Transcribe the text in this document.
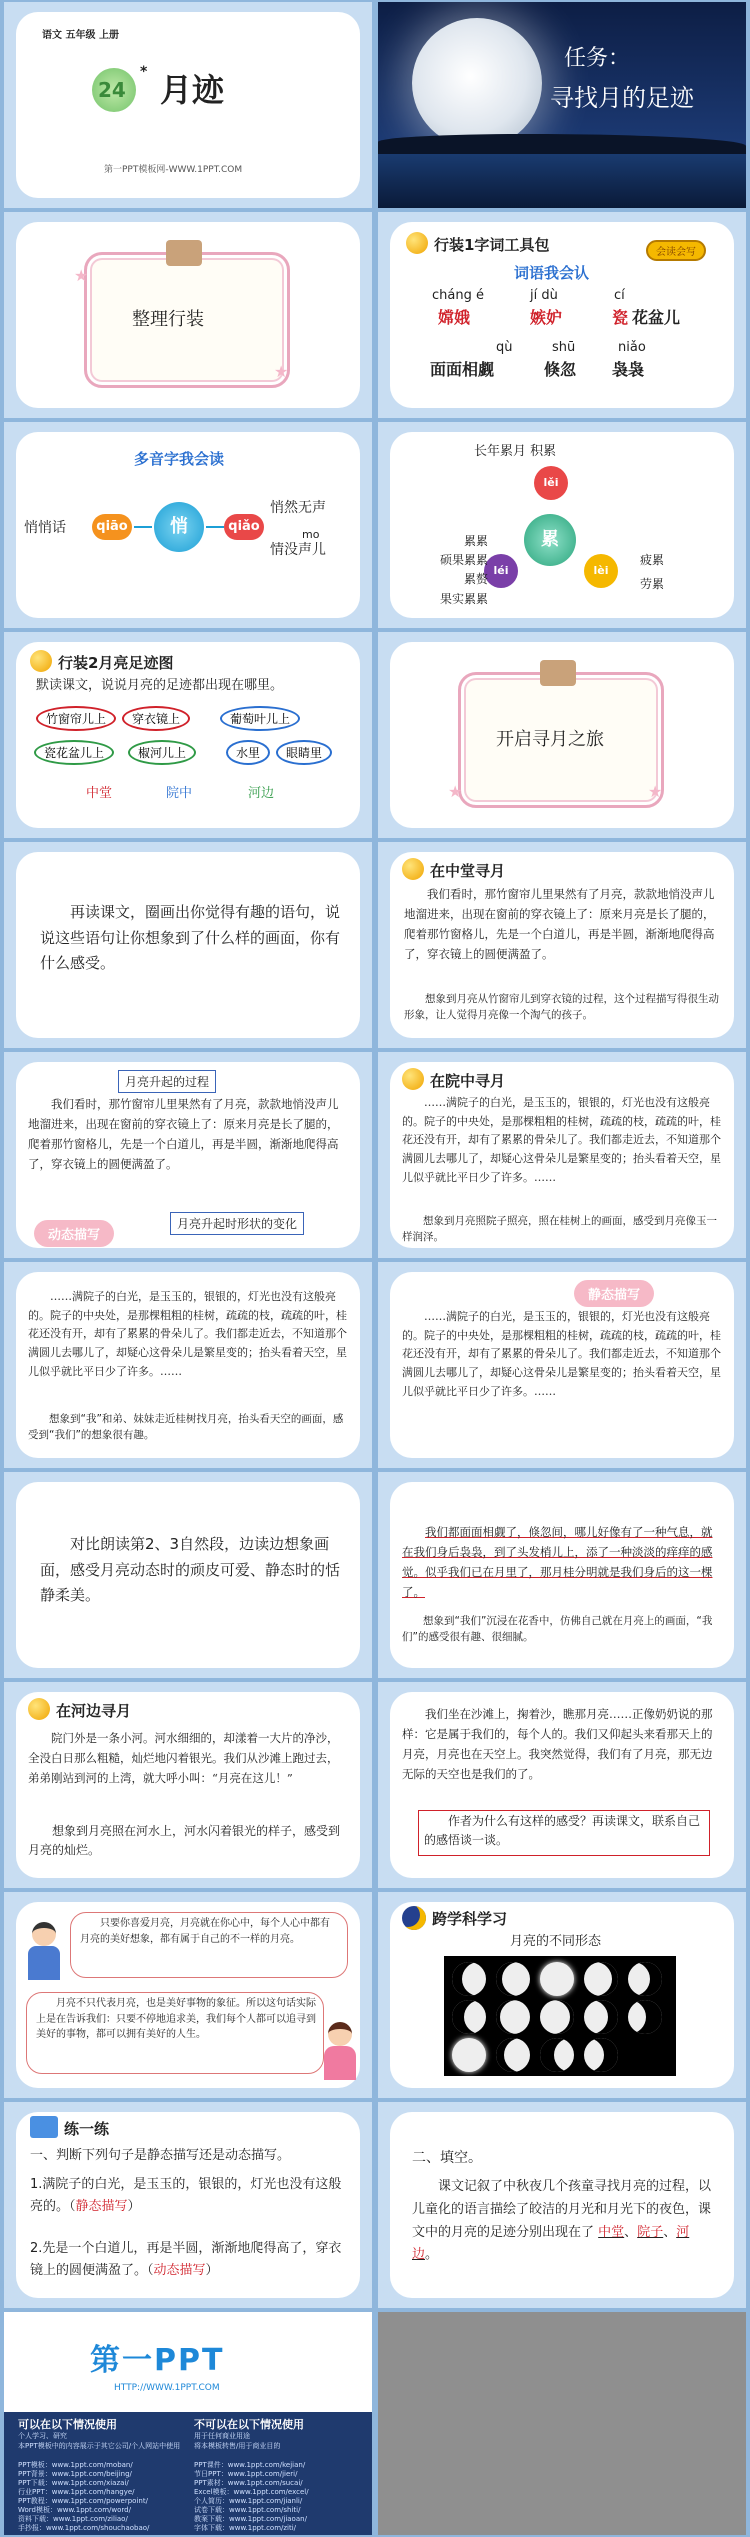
语文 五年级 上册
24
* 月迹
第一PPT模板网-WWW.1PPT.COM
任务：
寻找月的足迹
★
★
整理行装
行装1字词工具包	会读会写
词语我会认
cháng é
嫦娥
jí dù
嫉妒
cí
瓷 花盆儿
qù	shū	niǎo
面面相觑	倏忽 袅袅
多音字我会读
悄悄话	qiāo	悄	qiǎo
悄然无声
mo
情没声儿
长年累月 积累
lěi
累
léi	lèi
累累
硕果累累
累赘
果实累累
疲累
劳累
行装2月亮足迹图
默读课文，说说月亮的足迹都出现在哪里。
竹窗帘儿上	穿衣镜上	葡萄叶儿上
瓷花盆儿上	椒河儿上	水里	眼睛里
中堂	院中	河边	★
★
开启寻月之旅
再读课文，圈画出你觉得有趣的语句，说说这些语句让你想象到了什么样的画面，你有什么感受。
在中堂寻月
我们看时，那竹窗帘儿里果然有了月亮，款款地悄没声儿地溜进来，出现在窗前的穿衣镜上了：原来月亮是长了腿的，爬着那竹窗格儿，先是一个白道儿，再是半圆，渐渐地爬得高了，穿衣镜上的圆便满盈了。
想象到月亮从竹窗帘儿到穿衣镜的过程，这个过程描写得很生动形象，让人觉得月亮像一个淘气的孩子。
月亮升起的过程
我们看时，那竹窗帘儿里果然有了月亮，款款地悄没声儿地溜进来，出现在窗前的穿衣镜上了：原来月亮是长了腿的，爬着那竹窗格儿，先是一个白道儿，再是半圆，渐渐地爬得高了，穿衣镜上的圆便满盈了。
动态描写
月亮升起时形状的变化
在院中寻月
……满院子的白光，是玉玉的，银银的，灯光也没有这般亮的。院子的中央处，是那棵粗粗的桂树，疏疏的枝，疏疏的叶，桂花还没有开，却有了累累的骨朵儿了。我们都走近去，不知道那个满圆儿去哪儿了，却疑心这骨朵儿是繁星变的；抬头看着天空，星儿似乎就比平日少了许多。……
想象到月亮照院子照亮，照在桂树上的画面，感受到月亮像玉一样润泽。
……满院子的白光，是玉玉的，银银的，灯光也没有这般亮的。院子的中央处，是那棵粗粗的桂树，疏疏的枝，疏疏的叶，桂花还没有开，却有了累累的骨朵儿了。我们都走近去，不知道那个满圆儿去哪儿了，却疑心这骨朵儿是繁星变的；抬头看着天空，星儿似乎就比平日少了许多。……
想象到“我”和弟、妹妹走近桂树找月亮，抬头看天空的画面，感受到“我们”的想象很有趣。
静态描写
……满院子的白光，是玉玉的，银银的，灯光也没有这般亮的。院子的中央处，是那棵粗粗的桂树，疏疏的枝，疏疏的叶，桂花还没有开，却有了累累的骨朵儿了。我们都走近去，不知道那个满圆儿去哪儿了，却疑心这骨朵儿是繁星变的；抬头看着天空，星儿似乎就比平日少了许多。……
对比朗读第2、3自然段，边读边想象画面，感受月亮动态时的顽皮可爱、静态时的恬静柔美。
我们都面面相觑了，倏忽间，哪儿好像有了一种气息，就在我们身后袅袅，到了头发梢儿上，添了一种淡淡的痒痒的感觉。似乎我们已在月里了，那月桂分明就是我们身后的这一棵了。
想象到“我们”沉浸在花香中，仿佛自己就在月亮上的画面，“我们”的感受很有趣、很细腻。
在河边寻月
院门外是一条小河。河水细细的，却漾着一大片的净沙，全没白日那么粗糙，灿烂地闪着银光。我们从沙滩上跑过去，弟弟刚站到河的上湾，就大呼小叫：“月亮在这儿！”
想象到月亮照在河水上，河水闪着银光的样子，感受到月亮的灿烂。
我们坐在沙滩上，掬着沙，瞧那月亮……正像奶奶说的那样：它是属于我们的，每个人的。我们又仰起头来看那天上的月亮，月亮也在天空上。我突然觉得，我们有了月亮，那无边无际的天空也是我们的了。
作者为什么有这样的感受？再读课文，联系自己的感悟谈一谈。
只要你喜爱月亮，月亮就在你心中，每个人心中都有月亮的美好想象，都有属于自己的不一样的月亮。
月亮不只代表月亮，也是美好事物的象征。所以这句话实际上是在告诉我们：只要不停地追求美，我们每个人都可以追寻到美好的事物，都可以拥有美好的人生。
跨学科学习
月亮的不同形态
练一练
一、判断下列句子是静态描写还是动态描写。
1.满院子的白光，是玉玉的，银银的，灯光也没有这般亮的。（静态描写）
2.先是一个白道儿，再是半圆，渐渐地爬得高了，穿衣镜上的圆便满盈了。（动态描写）
二、填空。
课文记叙了中秋夜几个孩童寻找月亮的过程，以儿童化的语言描绘了皎洁的月光和月光下的夜色，课文中的月亮的足迹分别出现在了 中堂、院子、河边。
第一PPT
HTTP://WWW.1PPT.COM
可以在以下情况使用
个人学习、研究
本PPT模板中的内容展示于其它公司/个人网站中使用
不可以在以下情况使用
用于任何商业用途
将本模板转售/用于商业目的
PPT模板：www.1ppt.com/moban/
PPT背景：www.1ppt.com/beijing/
PPT下载：www.1ppt.com/xiazai/
行业PPT：www.1ppt.com/hangye/
PPT教程：www.1ppt.com/powerpoint/
Word模板：www.1ppt.com/word/
资料下载：www.1ppt.com/ziliao/
手抄报：www.1ppt.com/shouchaobao/
PPT课件：www.1ppt.com/kejian/
节日PPT：www.1ppt.com/jieri/
PPT素材：www.1ppt.com/sucai/
Excel模板：www.1ppt.com/excel/
个人简历：www.1ppt.com/jianli/
试卷下载：www.1ppt.com/shiti/
教案下载：www.1ppt.com/jiaoan/
字体下载：www.1ppt.com/ziti/
